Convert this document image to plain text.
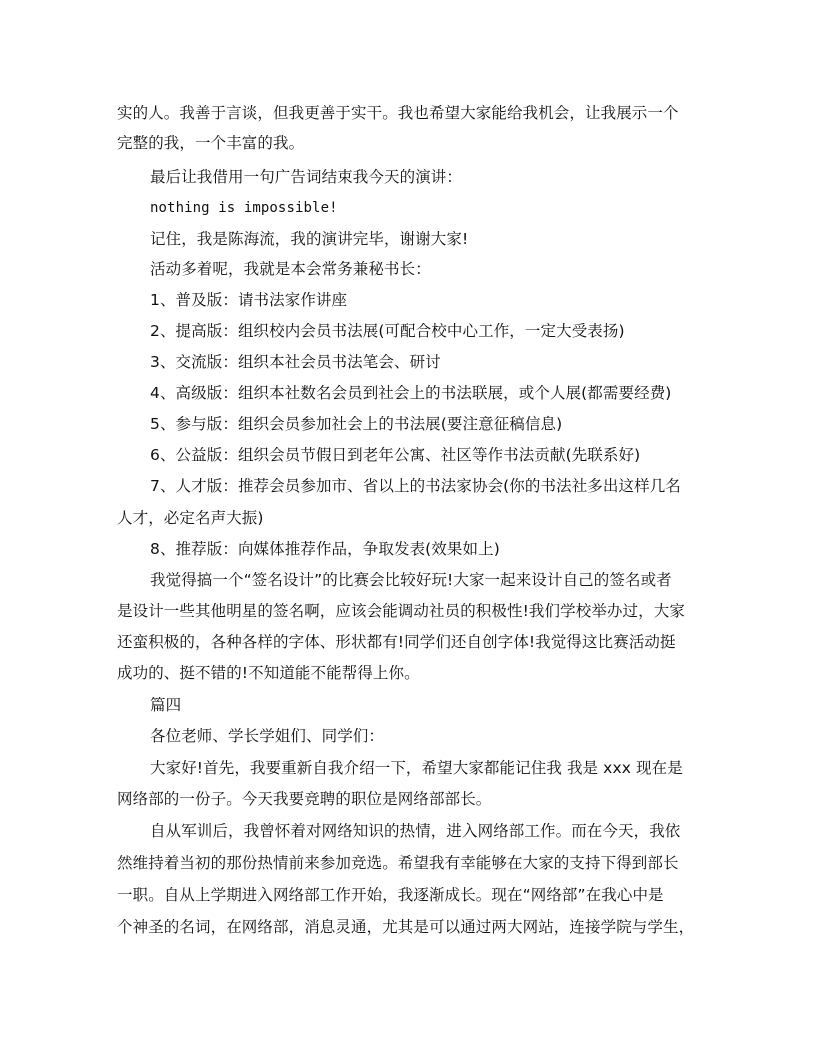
实的人。我善于言谈，但我更善于实干。我也希望大家能给我机会，让我展示一个
完整的我，一个丰富的我。
最后让我借用一句广告词结束我今天的演讲：
nothing is impossible!
记住，我是陈海流，我的演讲完毕，谢谢大家!
活动多着呢，我就是本会常务兼秘书长：
1、普及版：请书法家作讲座
2、提高版：组织校内会员书法展(可配合校中心工作，一定大受表扬)
3、交流版：组织本社会员书法笔会、研讨
4、高级版：组织本社数名会员到社会上的书法联展，或个人展(都需要经费)
5、参与版：组织会员参加社会上的书法展(要注意征稿信息)
6、公益版：组织会员节假日到老年公寓、社区等作书法贡献(先联系好)
7、人才版：推荐会员参加市、省以上的书法家协会(你的书法社多出这样几名
人才，必定名声大振)
8、推荐版：向媒体推荐作品，争取发表(效果如上)
我觉得搞一个“签名设计”的比赛会比较好玩!大家一起来设计自己的签名或者
是设计一些其他明星的签名啊，应该会能调动社员的积极性!我们学校举办过，大家
还蛮积极的，各种各样的字体、形状都有!同学们还自创字体!我觉得这比赛活动挺
成功的、挺不错的!不知道能不能帮得上你。
篇四
各位老师、学长学姐们、同学们：
大家好!首先，我要重新自我介绍一下，希望大家都能记住我 我是 xxx 现在是
网络部的一份子。今天我要竞聘的职位是网络部部长。
自从军训后，我曾怀着对网络知识的热情，进入网络部工作。而在今天，我依
然维持着当初的那份热情前来参加竞选。希望我有幸能够在大家的支持下得到部长
一职。自从上学期进入网络部工作开始，我逐渐成长。现在“网络部”在我心中是
个神圣的名词，在网络部，消息灵通，尤其是可以通过两大网站，连接学院与学生，
